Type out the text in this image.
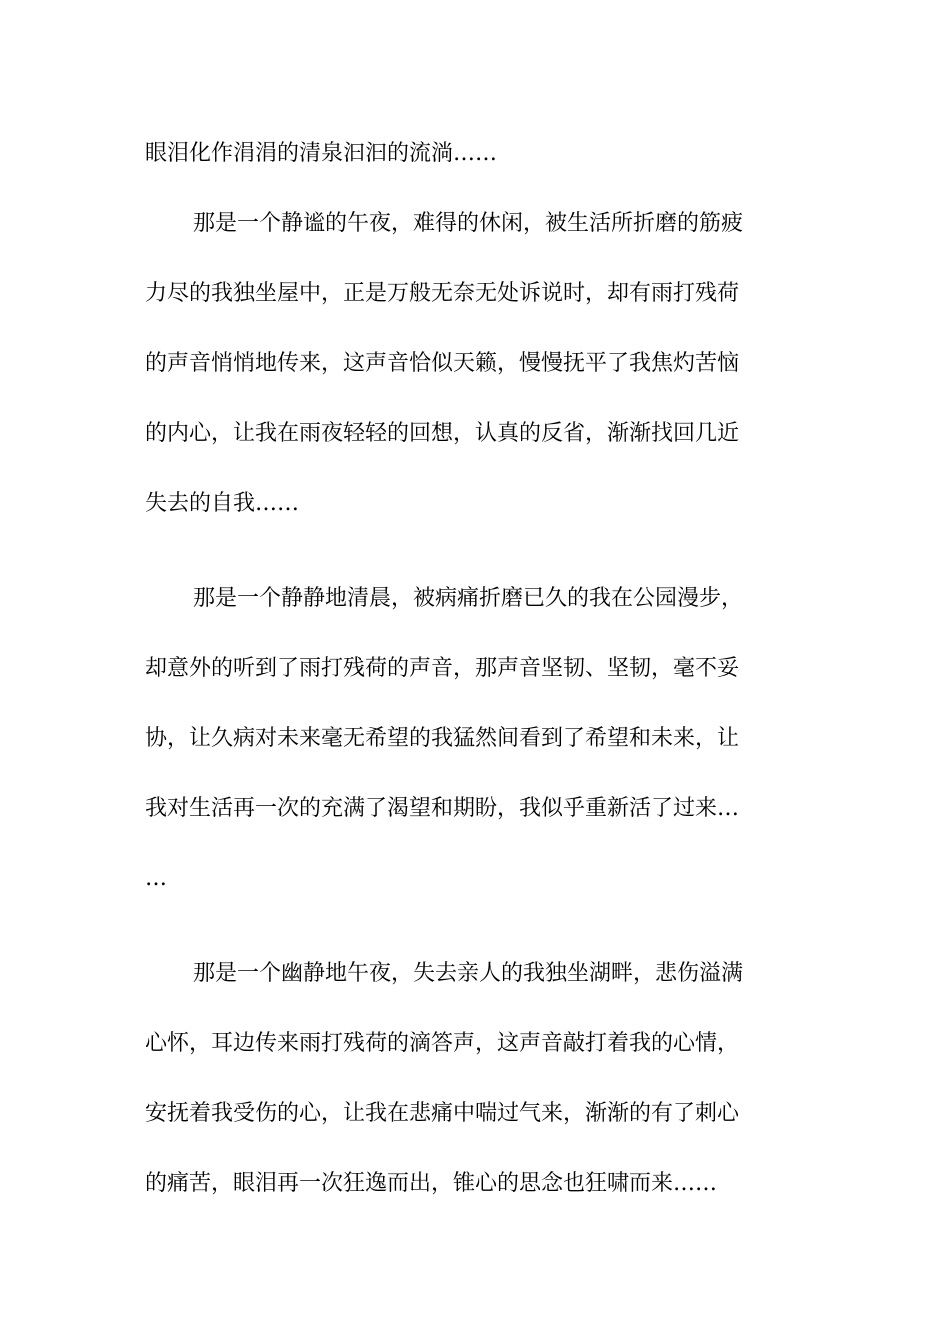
眼泪化作涓涓的清泉汩汩的流淌……

那是一个静谧的午夜，难得的休闲，被生活所折磨的筋疲

力尽的我独坐屋中，正是万般无奈无处诉说时，却有雨打残荷

的声音悄悄地传来，这声音恰似天籁，慢慢抚平了我焦灼苦恼

的内心，让我在雨夜轻轻的回想，认真的反省，渐渐找回几近

失去的自我……

那是一个静静地清晨，被病痛折磨已久的我在公园漫步，

却意外的听到了雨打残荷的声音，那声音坚韧、坚韧，毫不妥

协，让久病对未来毫无希望的我猛然间看到了希望和未来，让

我对生活再一次的充满了渴望和期盼，我似乎重新活了过来…

…

那是一个幽静地午夜，失去亲人的我独坐湖畔，悲伤溢满

心怀，耳边传来雨打残荷的滴答声，这声音敲打着我的心情，

安抚着我受伤的心，让我在悲痛中喘过气来，渐渐的有了刺心

的痛苦，眼泪再一次狂逸而出，锥心的思念也狂啸而来……
